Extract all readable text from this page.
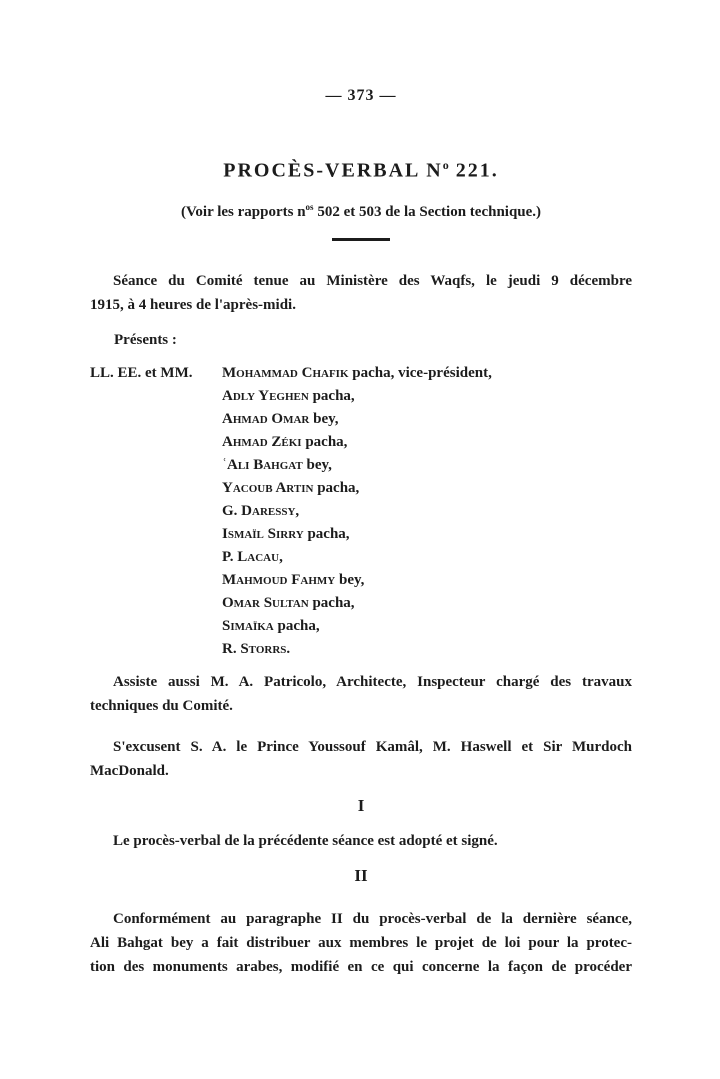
— 373 —
PROCÈS-VERBAL $N^o$ 221.
(Voir les rapports $n^{os}$ 502 et 503 de la Section technique.)
Séance du Comité tenue au Ministère des Waqfs, le jeudi 9 décembre
1915, à 4 heures de l'après-midi.
Présents :
LL. EE. et MM.	Mohammad Chafik pacha, vice-président,
Adly Yeghen pacha,
Ahmad Omar bey,
Ahmad Zéki pacha,
ʿAli Bahgat bey,
Yacoub Artin pacha,
G. Daressy,
Ismaïl Sirry pacha,
P. Lacau,
Mahmoud Fahmy bey,
Omar Sultan pacha,
Simaïka pacha,
R. Storrs.
Assiste aussi M. A. Patricolo, Architecte, Inspecteur chargé des travaux
techniques du Comité.
S'excusent S. A. le Prince Youssouf Kamâl, M. Haswell et Sir Murdoch
MacDonald.
I
Le procès-verbal de la précédente séance est adopté et signé.
II
Conformément au paragraphe II du procès-verbal de la dernière séance,
Ali Bahgat bey a fait distribuer aux membres le projet de loi pour la protec-
tion des monuments arabes, modifié en ce qui concerne la façon de procéder
